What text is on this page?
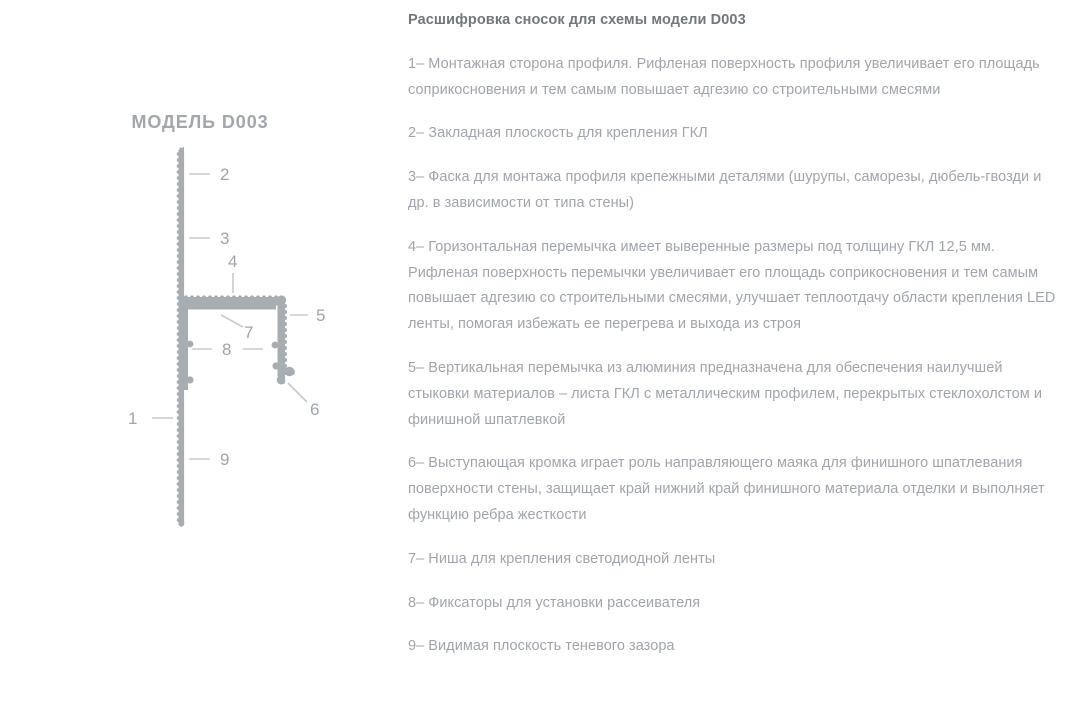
МОДЕЛЬ D003
2
3
4
5
6
7
8
9
1
Расшифровка сносок для схемы модели D003

1– Монтажная сторона профиля. Рифленая поверхность профиля увеличивает его площадь соприкосновения и тем самым повышает адгезию со строительными смесями

2– Закладная плоскость для крепления ГКЛ

3– Фаска для монтажа профиля крепежными деталями (шурупы, саморезы, дюбель-гвозди и др. в зависимости от типа стены)

4– Горизонтальная перемычка имеет выверенные размеры под толщину ГКЛ 12,5 мм. Рифленая поверхность перемычки увеличивает его площадь соприкосновения и тем самым повышает адгезию со строительными смесями, улучшает теплоотдачу области крепления LED ленты, помогая избежать ее перегрева и выхода из строя

5– Вертикальная перемычка из алюминия предназначена для обеспечения наилучшей стыковки материалов – листа ГКЛ с металлическим профилем, перекрытых стеклохолстом и финишной шпатлевкой

6– Выступающая кромка играет роль направляющего маяка для финишного шпатлевания поверхности стены, защищает край нижний край финишного материала отделки и выполняет функцию ребра жесткости

7– Ниша для крепления светодиодной ленты

8– Фиксаторы для установки рассеивателя

9– Видимая плоскость теневого зазора
